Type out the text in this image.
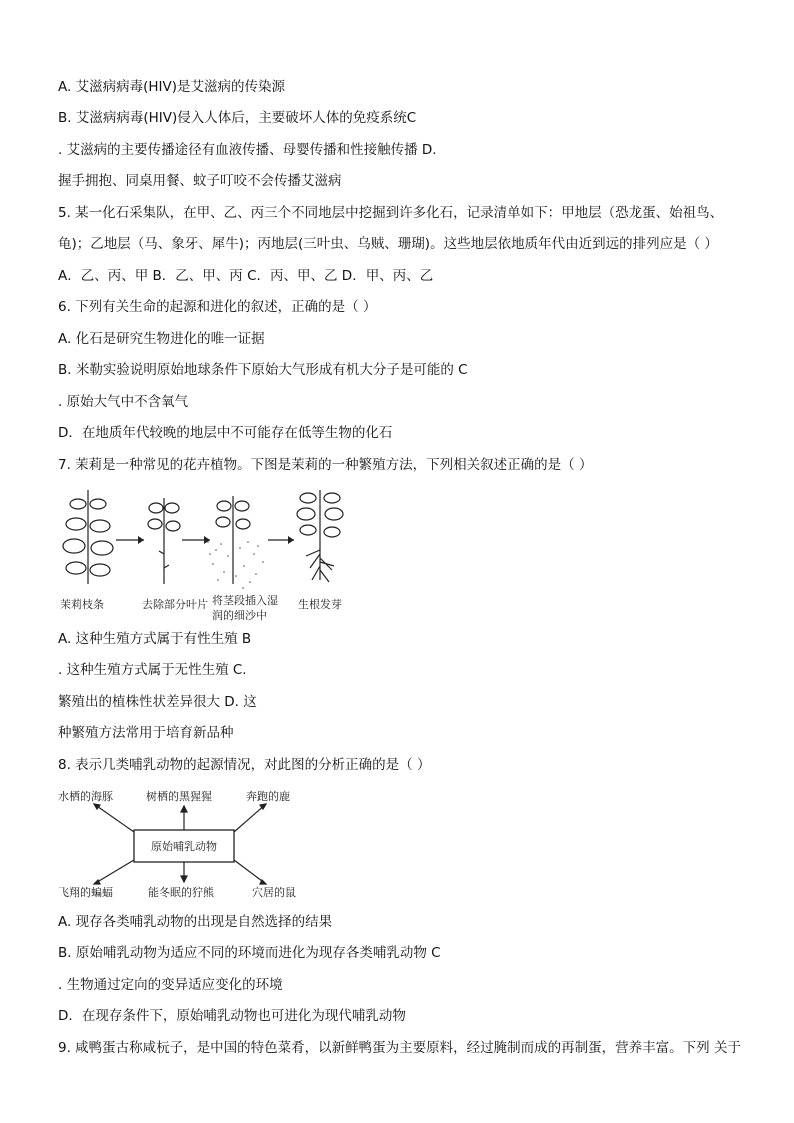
A. 艾滋病病毒(HIV)是艾滋病的传染源
B. 艾滋病病毒(HIV)侵入人体后，主要破坏人体的免疫系统C
. 艾滋病的主要传播途径有血液传播、母婴传播和性接触传播 D.
握手拥抱、同桌用餐、蚊子叮咬不会传播艾滋病
5. 某一化石采集队，在甲、乙、丙三个不同地层中挖掘到许多化石，记录清单如下：甲地层（恐龙蛋、始祖鸟、
龟)；乙地层（马、象牙、犀牛)；丙地层(三叶虫、乌贼、珊瑚)。这些地层依地质年代由近到远的排列应是（ ）
A．乙、丙、甲 B．乙、甲、丙 C．丙、甲、乙 D．甲、丙、乙
6. 下列有关生命的起源和进化的叙述，正确的是（ ）
A. 化石是研究生物进化的唯一证据
B. 米勒实验说明原始地球条件下原始大气形成有机大分子是可能的 C
. 原始大气中不含氧气
D．在地质年代较晚的地层中不可能存在低等生物的化石
7. 茉莉是一种常见的花卉植物。下图是茉莉的一种繁殖方法，下列相关叙述正确的是（ ）
茉莉枝条	去除部分叶片 将茎段插入湿
润的细沙中
生根发芽
A. 这种生殖方式属于有性生殖 B
. 这种生殖方式属于无性生殖 C.
繁殖出的植株性状差异很大 D. 这
种繁殖方法常用于培育新品种
8. 表示几类哺乳动物的起源情况，对此图的分析正确的是（ ）
原始哺乳动物
水栖的海豚	树栖的黑猩猩	奔跑的鹿
飞翔的蝙蝠	能冬眠的狞熊	穴居的鼠
A. 现存各类哺乳动物的出现是自然选择的结果
B. 原始哺乳动物为适应不同的环境而进化为现存各类哺乳动物 C
. 生物通过定向的变异适应变化的环境
D．在现存条件下，原始哺乳动物也可进化为现代哺乳动物
9. 咸鸭蛋古称咸杬子，是中国的特色菜肴，以新鲜鸭蛋为主要原料，经过腌制而成的再制蛋，营养丰富。下列 关于
